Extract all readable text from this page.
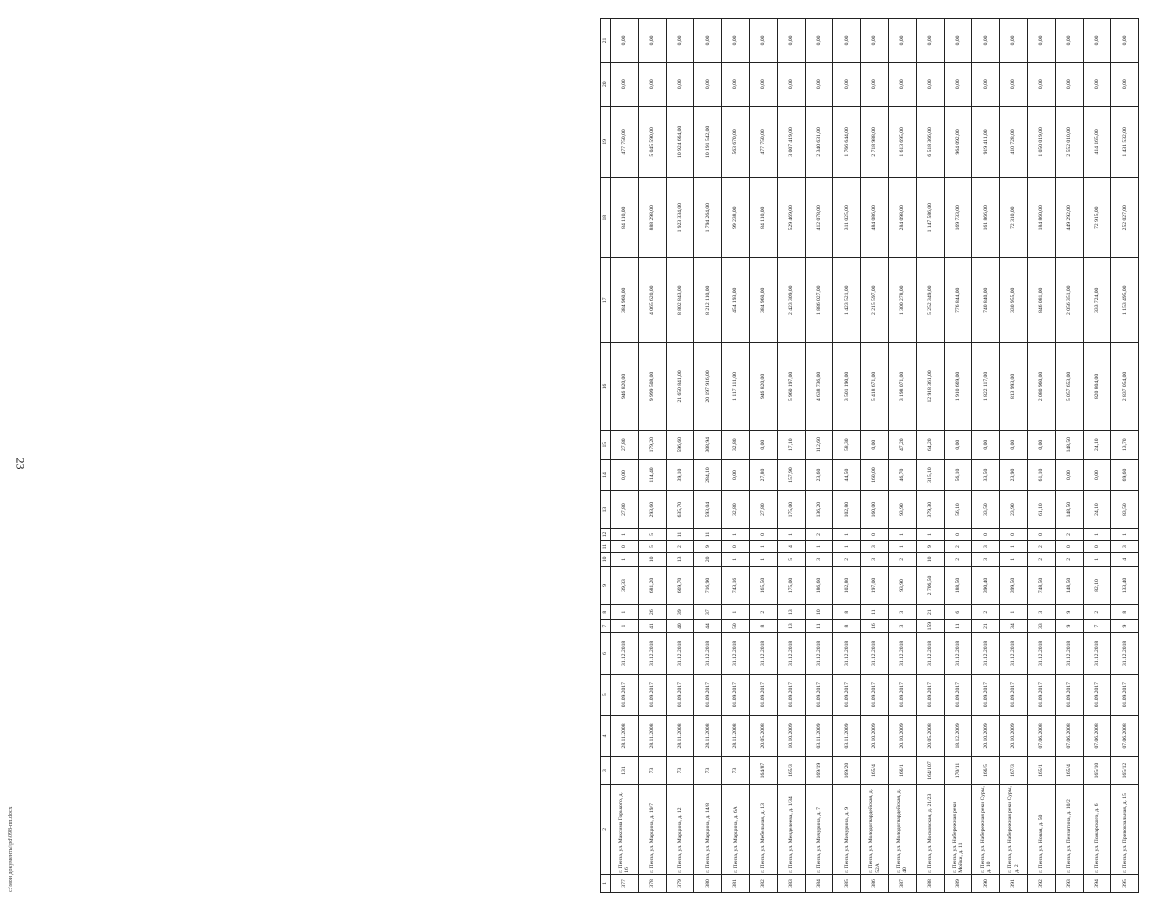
23
c:\мои документы\pd\098-пп.docx	1	2	3	4	5	6	7	8	9	10	11	12	13	14	15	16	17	18	19	20	21
377	г. Пенза, ул. Максима Горького, д. 16	131	28.11.2008	01.09.2017	31.12.2018	1	1	39,33	1	0	1	27,80	0,00	27,80	946 820,00	384 960,00	84 110,00	477 750,00	0,00	0,00
378	г. Пенза, ул. Марцина, д. 19/7	73	28.11.2008	01.09.2017	31.12.2018	41	26	681,20	10	5	5	293,60	114,40	179,20	9 999 508,00	4 065 620,00	888 298,00	5 045 590,00	0,00	0,00
379	г. Пенза, ул. Марцина, д. 12	73	28.11.2008	01.09.2017	31.12.2018	40	39	669,70	13	2	11	635,70	39,10	596,60	21 650 841,00	8 802 843,00	1 923 334,00	10 924 664,00	0,00	0,00
380	г. Пенза, ул. Марцина, д. 14/8	73	28.11.2008	01.09.2017	31.12.2018	44	37	716,90	20	9	11	593,04	284,10	308,94	20 197 916,00	8 212 110,00	1 794 264,00	10 191 542,00	0,00	0,00
381	г. Пенза, ул. Марцина, д. 6А	73	28.11.2008	01.09.2017	31.12.2018	50	1	743,16	1	0	1	32,80	0,00	32,80	1 117 111,00	454 193,00	99 238,00	563 670,00	0,00	0,00
382	г. Пенза, ул. Мебельная, д. 13	164/87	20.05.2008	01.09.2017	31.12.2018	8	2	165,50	1	1	0	27,80	27,80	0,00	946 820,00	384 960,00	84 110,00	477 750,00	0,00	0,00
383	г. Пенза, ул. Менделеева, д. 1/34	165/3	10.10.2009	01.09.2017	31.12.2018	13	13	175,00	5	4	1	175,00	157,90	17,10	5 960 197,00	2 423 309,00	529 469,00	3 007 419,00	0,00	0,00
384	г. Пенза, ул. Мичурина, д. 7	169/19	03.11.2009	01.09.2017	31.12.2018	11	10	186,60	3	1	2	136,20	23,60	112,60	4 638 736,00	1 886 027,00	412 078,00	2 340 631,00	0,00	0,00
385	г. Пенза, ул. Мичурина, д. 9	169/20	03.11.2009	01.09.2017	31.12.2018	8	8	102,80	2	1	1	102,80	44,50	58,30	3 501 190,00	1 423 521,00	311 025,00	1 766 644,00	0,00	0,00
386	г. Пенза, ул. Молодогвардейская, д. 52А	165/4	20.10.2009	01.09.2017	31.12.2018	16	11	197,00	3	3	0	160,00	160,00	0,00	5 418 671,00	2 215 597,00	484 086,00	2 718 988,00	0,00	0,00
387	г. Пенза, ул. Молодогвардейская, д. 40	166/1	20.10.2009	01.09.2017	31.12.2018	3	3	93,90	2	1	1	93,90	46,70	47,20	3 198 071,00	1 300 278,00	284 098,00	1 613 695,00	0,00	0,00
388	г. Пенза, ул. Московская, д. 21/23	164/107	20.05.2008	01.09.2017	31.12.2018	159	21	2 706,50	10	9	1	379,30	315,10	64,20	12 918 361,00	5 252 349,00	1 147 586,00	6 518 366,00	0,00	0,00
389	г. Пенза, ул. Набережная реки Мойки, д. 11	170/11	18.12.2009	01.09.2017	31.12.2018	11	6	188,50	2	2	0	56,10	56,10	0,00	1 910 669,00	776 844,00	169 733,00	964 092,00	0,00	0,00
390	г. Пенза, ул. Набережная реки Суры, д. 10	166/5	20.10.2009	01.09.2017	31.12.2018	21	2	390,40	3	3	0	33,50	33,50	0,00	1 822 117,00	740 840,00	161 866,00	919 411,00	0,00	0,00
391	г. Пенза, ул. Набережная реки Суры, д. 2	167/3	20.10.2009	01.09.2017	31.12.2018	34	1	399,50	1	1	0	23,90	23,90	0,00	813 993,00	330 955,00	72 310,00	410 728,00	0,00	0,00
392	г. Пенза, ул. Новая, д. 50	165/1	07.06.2008	01.09.2017	31.12.2018	33	3	748,50	2	2	0	61,10	61,10	0,00	2 080 960,00	846 081,00	184 860,00	1 050 019,00	0,00	0,00
393	г. Пенза, ул. Пензитина, д. 10/2	165/4	07.06.2008	01.09.2017	31.12.2018	9	9	148,50	2	0	2	148,50	0,00	148,50	5 057 653,00	2 056 351,00	449 292,00	2 552 010,00	0,00	0,00
394	г. Пенза, ул. Пожарского, д. 6	165/10	07.06.2008	01.09.2017	31.12.2018	7	2	82,10	1	0	1	24,10	0,00	24,10	820 804,00	333 724,00	72 915,00	414 165,00	0,00	0,00
395	г. Пенза, ул. Привокзальная, д. 15	165/12	07.06.2008	01.09.2017	31.12.2018	9	8	133,40	4	3	1	83,50	69,60	13,70	2 837 054,00	1 153 495,00	252 027,00	1 431 532,00	0,00	0,00
